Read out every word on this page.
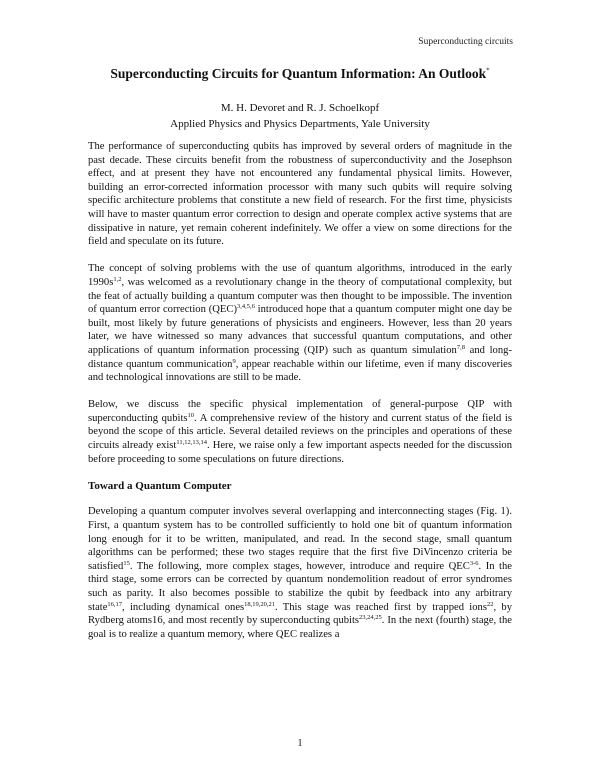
Superconducting circuits
Superconducting Circuits for Quantum Information: An Outlook*
M. H. Devoret and R. J. Schoelkopf
Applied Physics and Physics Departments, Yale University

The performance of superconducting qubits has improved by several orders of magnitude in the past decade. These circuits benefit from the robustness of superconductivity and the Josephson effect, and at present they have not encountered any fundamental physical limits. However, building an error-corrected information processor with many such qubits will require solving specific architecture problems that constitute a new field of research. For the first time, physicists will have to master quantum error correction to design and operate complex active systems that are dissipative in nature, yet remain coherent indefinitely. We offer a view on some directions for the field and speculate on its future.

The concept of solving problems with the use of quantum algorithms, introduced in the early $1990s^{1,2}$, was welcomed as a revolutionary change in the theory of computational complexity, but the feat of actually building a quantum computer was then thought to be impossible. The invention of quantum error correction (QEC)$^{3,4,5,6}$ introduced hope that a quantum computer might one day be built, most likely by future generations of physicists and engineers. However, less than 20 years later, we have witnessed so many advances that successful quantum computations, and other applications of quantum information processing (QIP) such as quantum simulation$^{7,8}$ and long-distance quantum communication$^9$, appear reachable within our lifetime, even if many discoveries and technological innovations are still to be made.

Below, we discuss the specific physical implementation of general-purpose QIP with superconducting qubits$^{10}$. A comprehensive review of the history and current status of the field is beyond the scope of this article. Several detailed reviews on the principles and operations of these circuits already exist$^{11,12,13,14}$. Here, we raise only a few important aspects needed for the discussion before proceeding to some speculations on future directions.

Toward a Quantum Computer

Developing a quantum computer involves several overlapping and interconnecting stages (Fig. 1). First, a quantum system has to be controlled sufficiently to hold one bit of quantum information long enough for it to be written, manipulated, and read. In the second stage, small quantum algorithms can be performed; these two stages require that the first five DiVincenzo criteria be satisfied$^{15}$. The following, more complex stages, however, introduce and require QEC$^{3-6}$. In the third stage, some errors can be corrected by quantum nondemolition readout of error syndromes such as parity. It also becomes possible to stabilize the qubit by feedback into any arbitrary state$^{16,17}$, including dynamical ones$^{18,19,20,21}$. This stage was reached first by trapped ions$^{22}$, by Rydberg atoms16, and most recently by superconducting qubits$^{23,24,25}$. In the next (fourth) stage, the goal is to realize a quantum memory, where QEC realizes a

1
